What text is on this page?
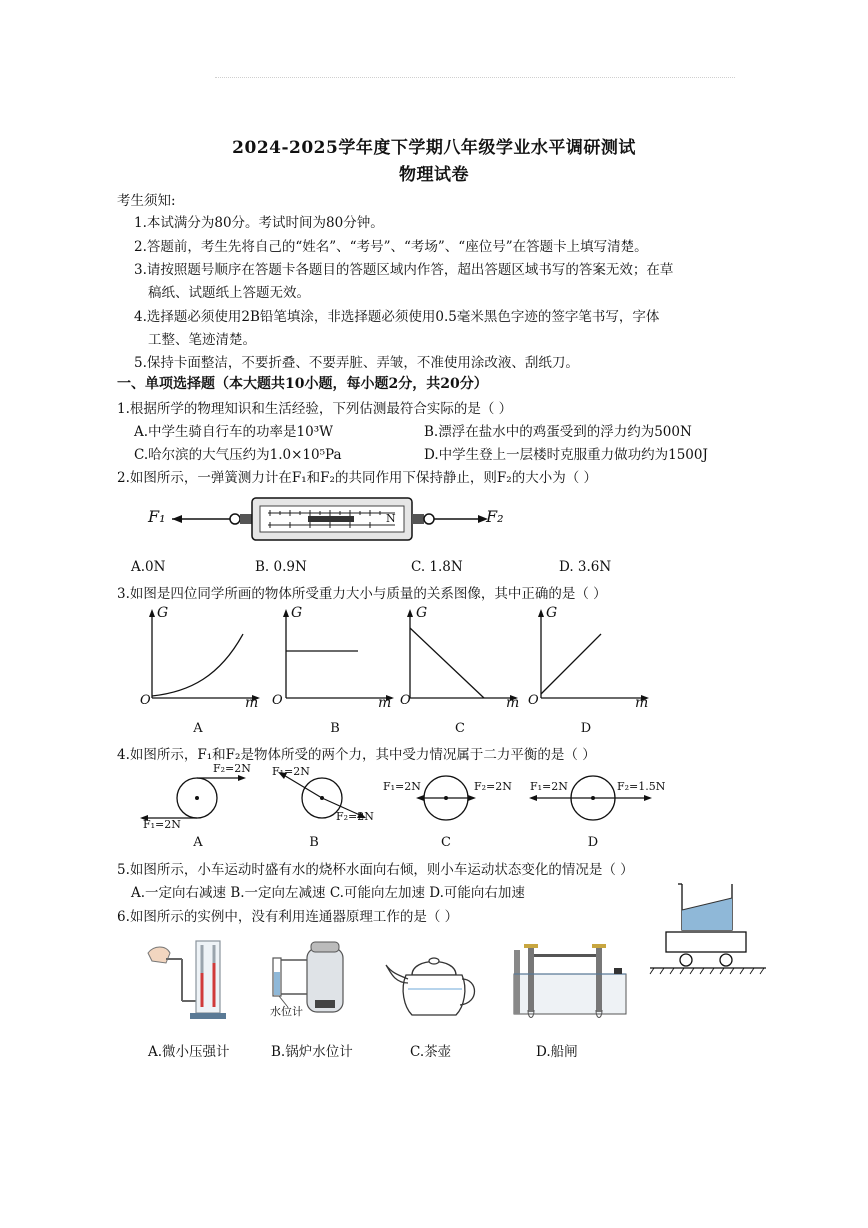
2024-2025学年度下学期八年级学业水平调研测试
物理试卷
考生须知:
1.本试满分为80分。考试时间为80分钟。
2.答题前，考生先将自己的“姓名”、“考号”、“考场”、“座位号”在答题卡上填写清楚。
3.请按照题号顺序在答题卡各题目的答题区域内作答，超出答题区域书写的答案无效；在草
稿纸、试题纸上答题无效。
4.选择题必须使用2B铅笔填涂，非选择题必须使用0.5毫米黑色字迹的签字笔书写，字体
工整、笔迹清楚。
5.保持卡面整洁，不要折叠、不要弄脏、弄皱，不准使用涂改液、刮纸刀。
一、单项选择题（本大题共10小题，每小题2分，共20分）
1.根据所学的物理知识和生活经验，下列估测最符合实际的是（ ）
A.中学生骑自行车的功率是10³W	B.漂浮在盐水中的鸡蛋受到的浮力约为500N
C.哈尔滨的大气压约为1.0×10⁵Pa	D.中学生登上一层楼时克服重力做功约为1500J
2.如图所示，一弹簧测力计在F₁和F₂的共同作用下保持静止，则F₂的大小为（ ）
F₁	F₂
N
A.0N	B. 0.9N	C. 1.8N	D. 3.6N
3.如图是四位同学所画的物体所受重力大小与质量的关系图像，其中正确的是（ ）
G
O	m
G
O	m
G
O	m
G
O	m
A	B	C	D
4.如图所示，F₁和F₂是物体所受的两个力，其中受力情况属于二力平衡的是（ ）
F₂=2N
F₁=2N
F₁=2N
F₂=2N
F₁=2N	F₂=2N F₁=2N	F₂=1.5N
A	B	C	D
5.如图所示，小车运动时盛有水的烧杯水面向右倾，则小车运动状态变化的情况是（ ）
A.一定向右减速 B.一定向左减速 C.可能向左加速 D.可能向右加速
6.如图所示的实例中，没有利用连通器原理工作的是（ ）
水位计
A.微小压强计	B.锅炉水位计	C.茶壶	D.船闸
